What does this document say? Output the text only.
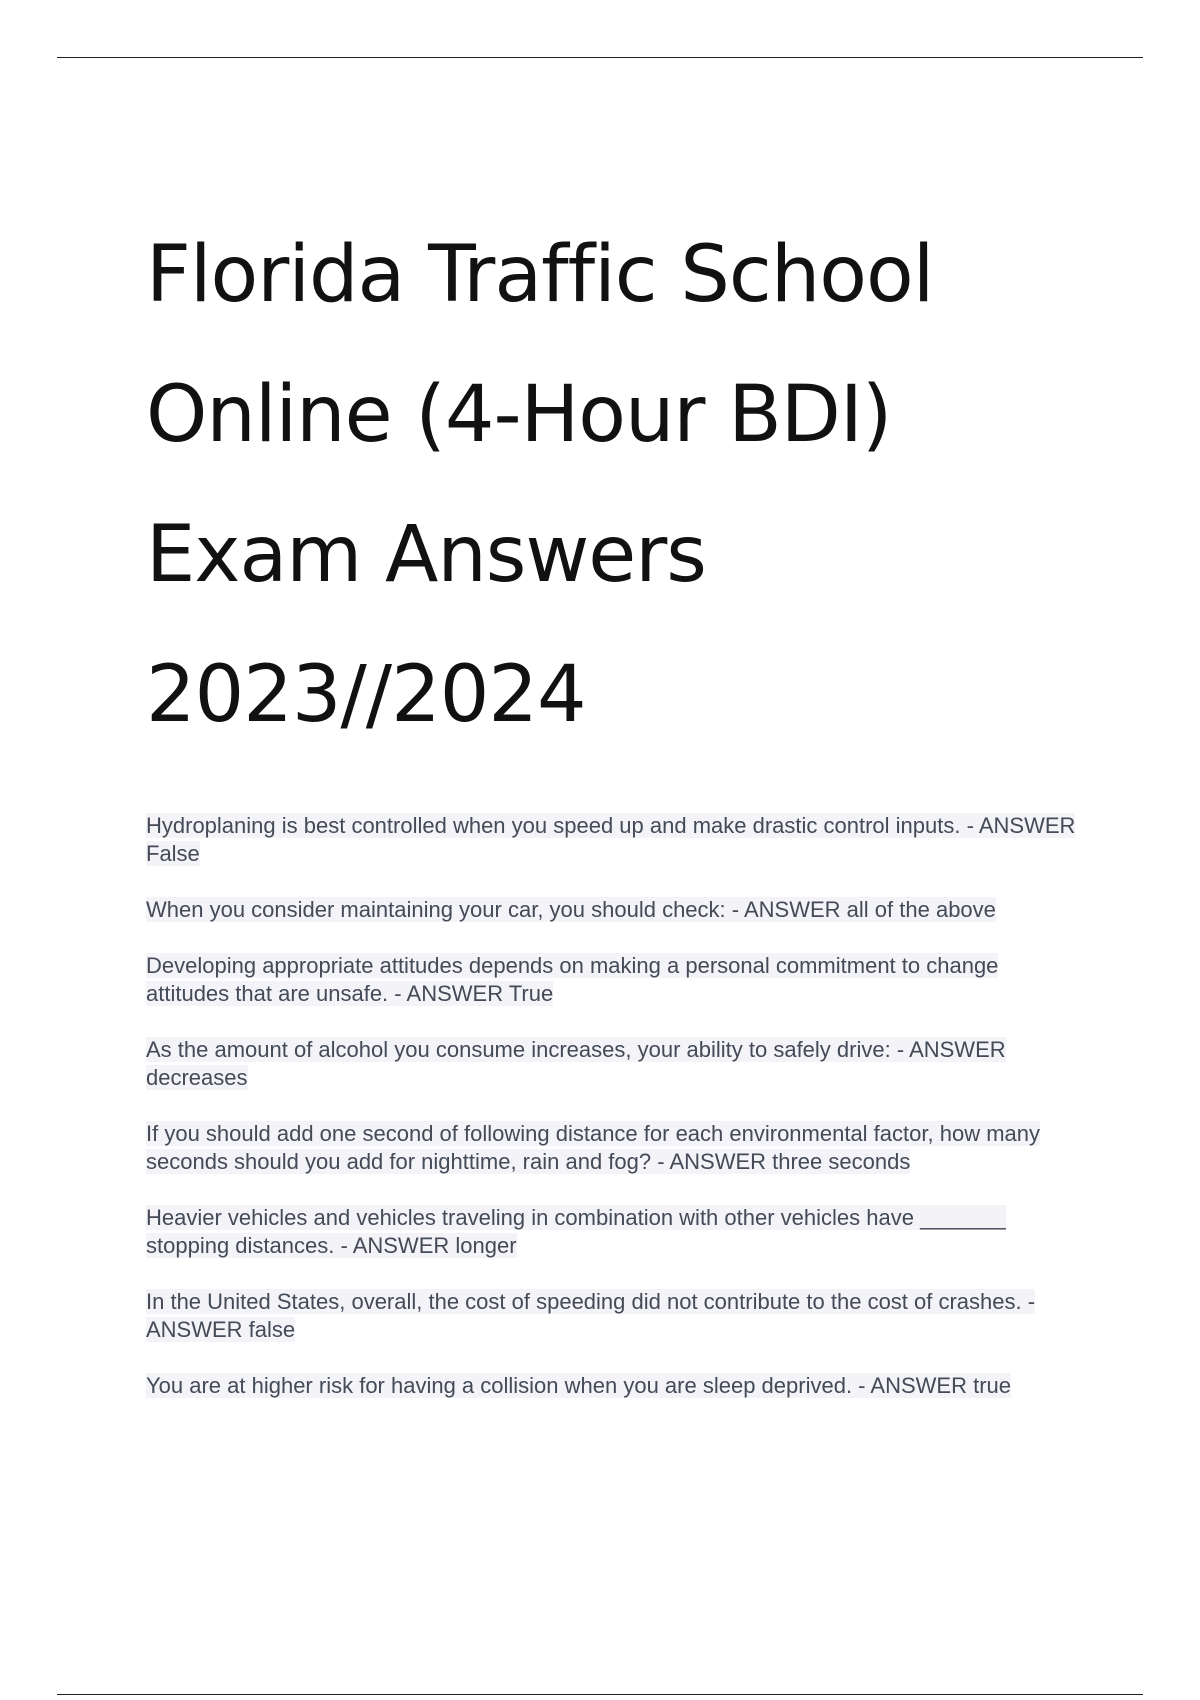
Florida Traffic School
Online (4-Hour BDI)
Exam Answers
2023//2024
Hydroplaning is best controlled when you speed up and make drastic control inputs. - ANSWER False
When you consider maintaining your car, you should check: - ANSWER all of the above
Developing appropriate attitudes depends on making a personal commitment to change attitudes that are unsafe. - ANSWER True
As the amount of alcohol you consume increases, your ability to safely drive: - ANSWER decreases
If you should add one second of following distance for each environmental factor, how many seconds should you add for nighttime, rain and fog? - ANSWER three seconds
Heavier vehicles and vehicles traveling in combination with other vehicles have _______ stopping distances. - ANSWER longer
In the United States, overall, the cost of speeding did not contribute to the cost of crashes. - ANSWER false
You are at higher risk for having a collision when you are sleep deprived. - ANSWER true
